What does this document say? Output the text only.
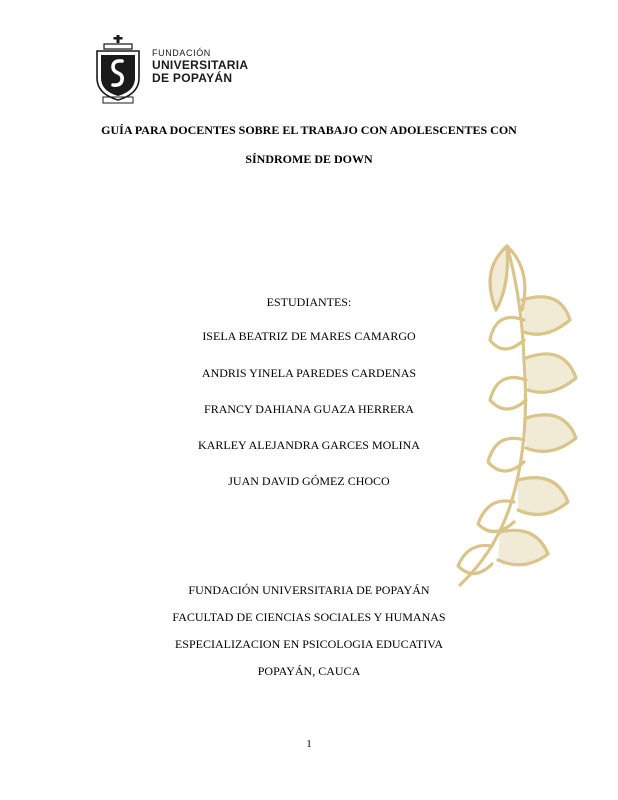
FUNDACIÓN
UNIVERSITARIA
DE POPAYÁN
GUÍA PARA DOCENTES SOBRE EL TRABAJO CON ADOLESCENTES CON
SÍNDROME DE DOWN
ESTUDIANTES:
ISELA BEATRIZ DE MARES CAMARGO
ANDRIS YINELA PAREDES CARDENAS
FRANCY DAHIANA GUAZA HERRERA
KARLEY ALEJANDRA GARCES MOLINA
JUAN DAVID GÓMEZ CHOCO
FUNDACIÓN UNIVERSITARIA DE POPAYÁN
FACULTAD DE CIENCIAS SOCIALES Y HUMANAS
ESPECIALIZACION EN PSICOLOGIA EDUCATIVA
POPAYÁN, CAUCA
1
